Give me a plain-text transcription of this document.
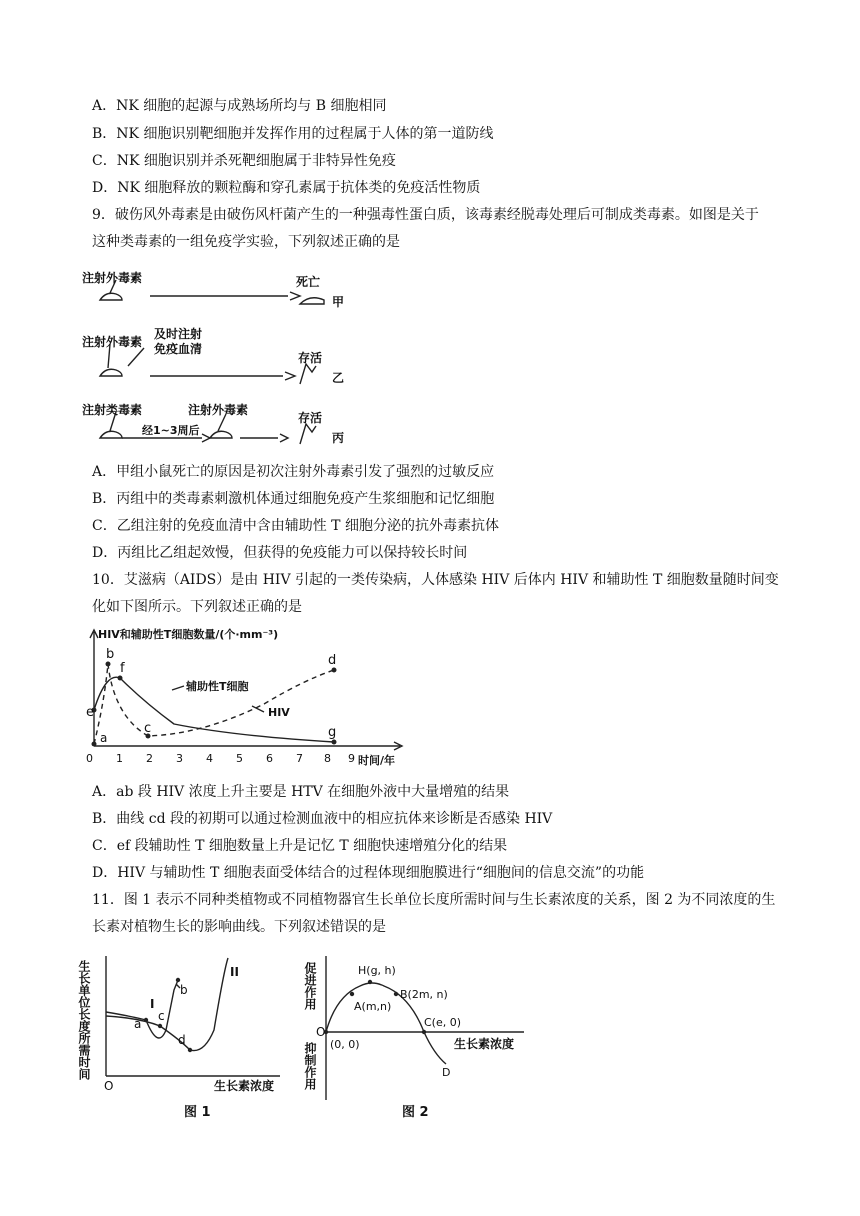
A．NK 细胞的起源与成熟场所均与 B 细胞相同
B．NK 细胞识别靶细胞并发挥作用的过程属于人体的第一道防线
C．NK 细胞识别并杀死靶细胞属于非特异性免疫
D．NK 细胞释放的颗粒酶和穿孔素属于抗体类的免疫活性物质
9．破伤风外毒素是由破伤风杆菌产生的一种强毒性蛋白质，该毒素经脱毒处理后可制成类毒素。如图是关于
这种类毒素的一组免疫学实验，下列叙述正确的是
注射外毒素	死亡
甲
注射外毒素
及时注射
免疫血清
存活
乙
注射类毒素
经1~3周后
注射外毒素
存活
丙
A．甲组小鼠死亡的原因是初次注射外毒素引发了强烈的过敏反应
B．丙组中的类毒素刺激机体通过细胞免疫产生浆细胞和记忆细胞
C．乙组注射的免疫血清中含由辅助性 T 细胞分泌的抗外毒素抗体
D．丙组比乙组起效慢，但获得的免疫能力可以保持较长时间
10．艾滋病（AIDS）是由 HIV 引起的一类传染病，人体感染 HIV 后体内 HIV 和辅助性 T 细胞数量随时间变
化如下图所示。下列叙述正确的是
HIV和辅助性T细胞数量/(个·mm⁻³)
时间/年
0 1 2 3 4 5 6 7 8 9
a
b
c
d
e
f
g
辅助性T细胞
HIV
A．ab 段 HIV 浓度上升主要是 HTV 在细胞外液中大量增殖的结果
B．曲线 cd 段的初期可以通过检测血液中的相应抗体来诊断是否感染 HIV
C．ef 段辅助性 T 细胞数量上升是记忆 T 细胞快速增殖分化的结果
D．HIV 与辅助性 T 细胞表面受体结合的过程体现细胞膜进行“细胞间的信息交流”的功能
11．图 1 表示不同种类植物或不同植物器官生长单位长度所需时间与生长素浓度的关系，图 2 为不同浓度的生
长素对植物生长的影响曲线。下列叙述错误的是
生长单位长度所需时间
生长素浓度
O
I
II
a
b
c
d
图 1
促进作用
抑制作用	生长素浓度
O
(0, 0)
H(g, h)
A(m,n)
B(2m, n)
C(e, 0)
D
图 2
